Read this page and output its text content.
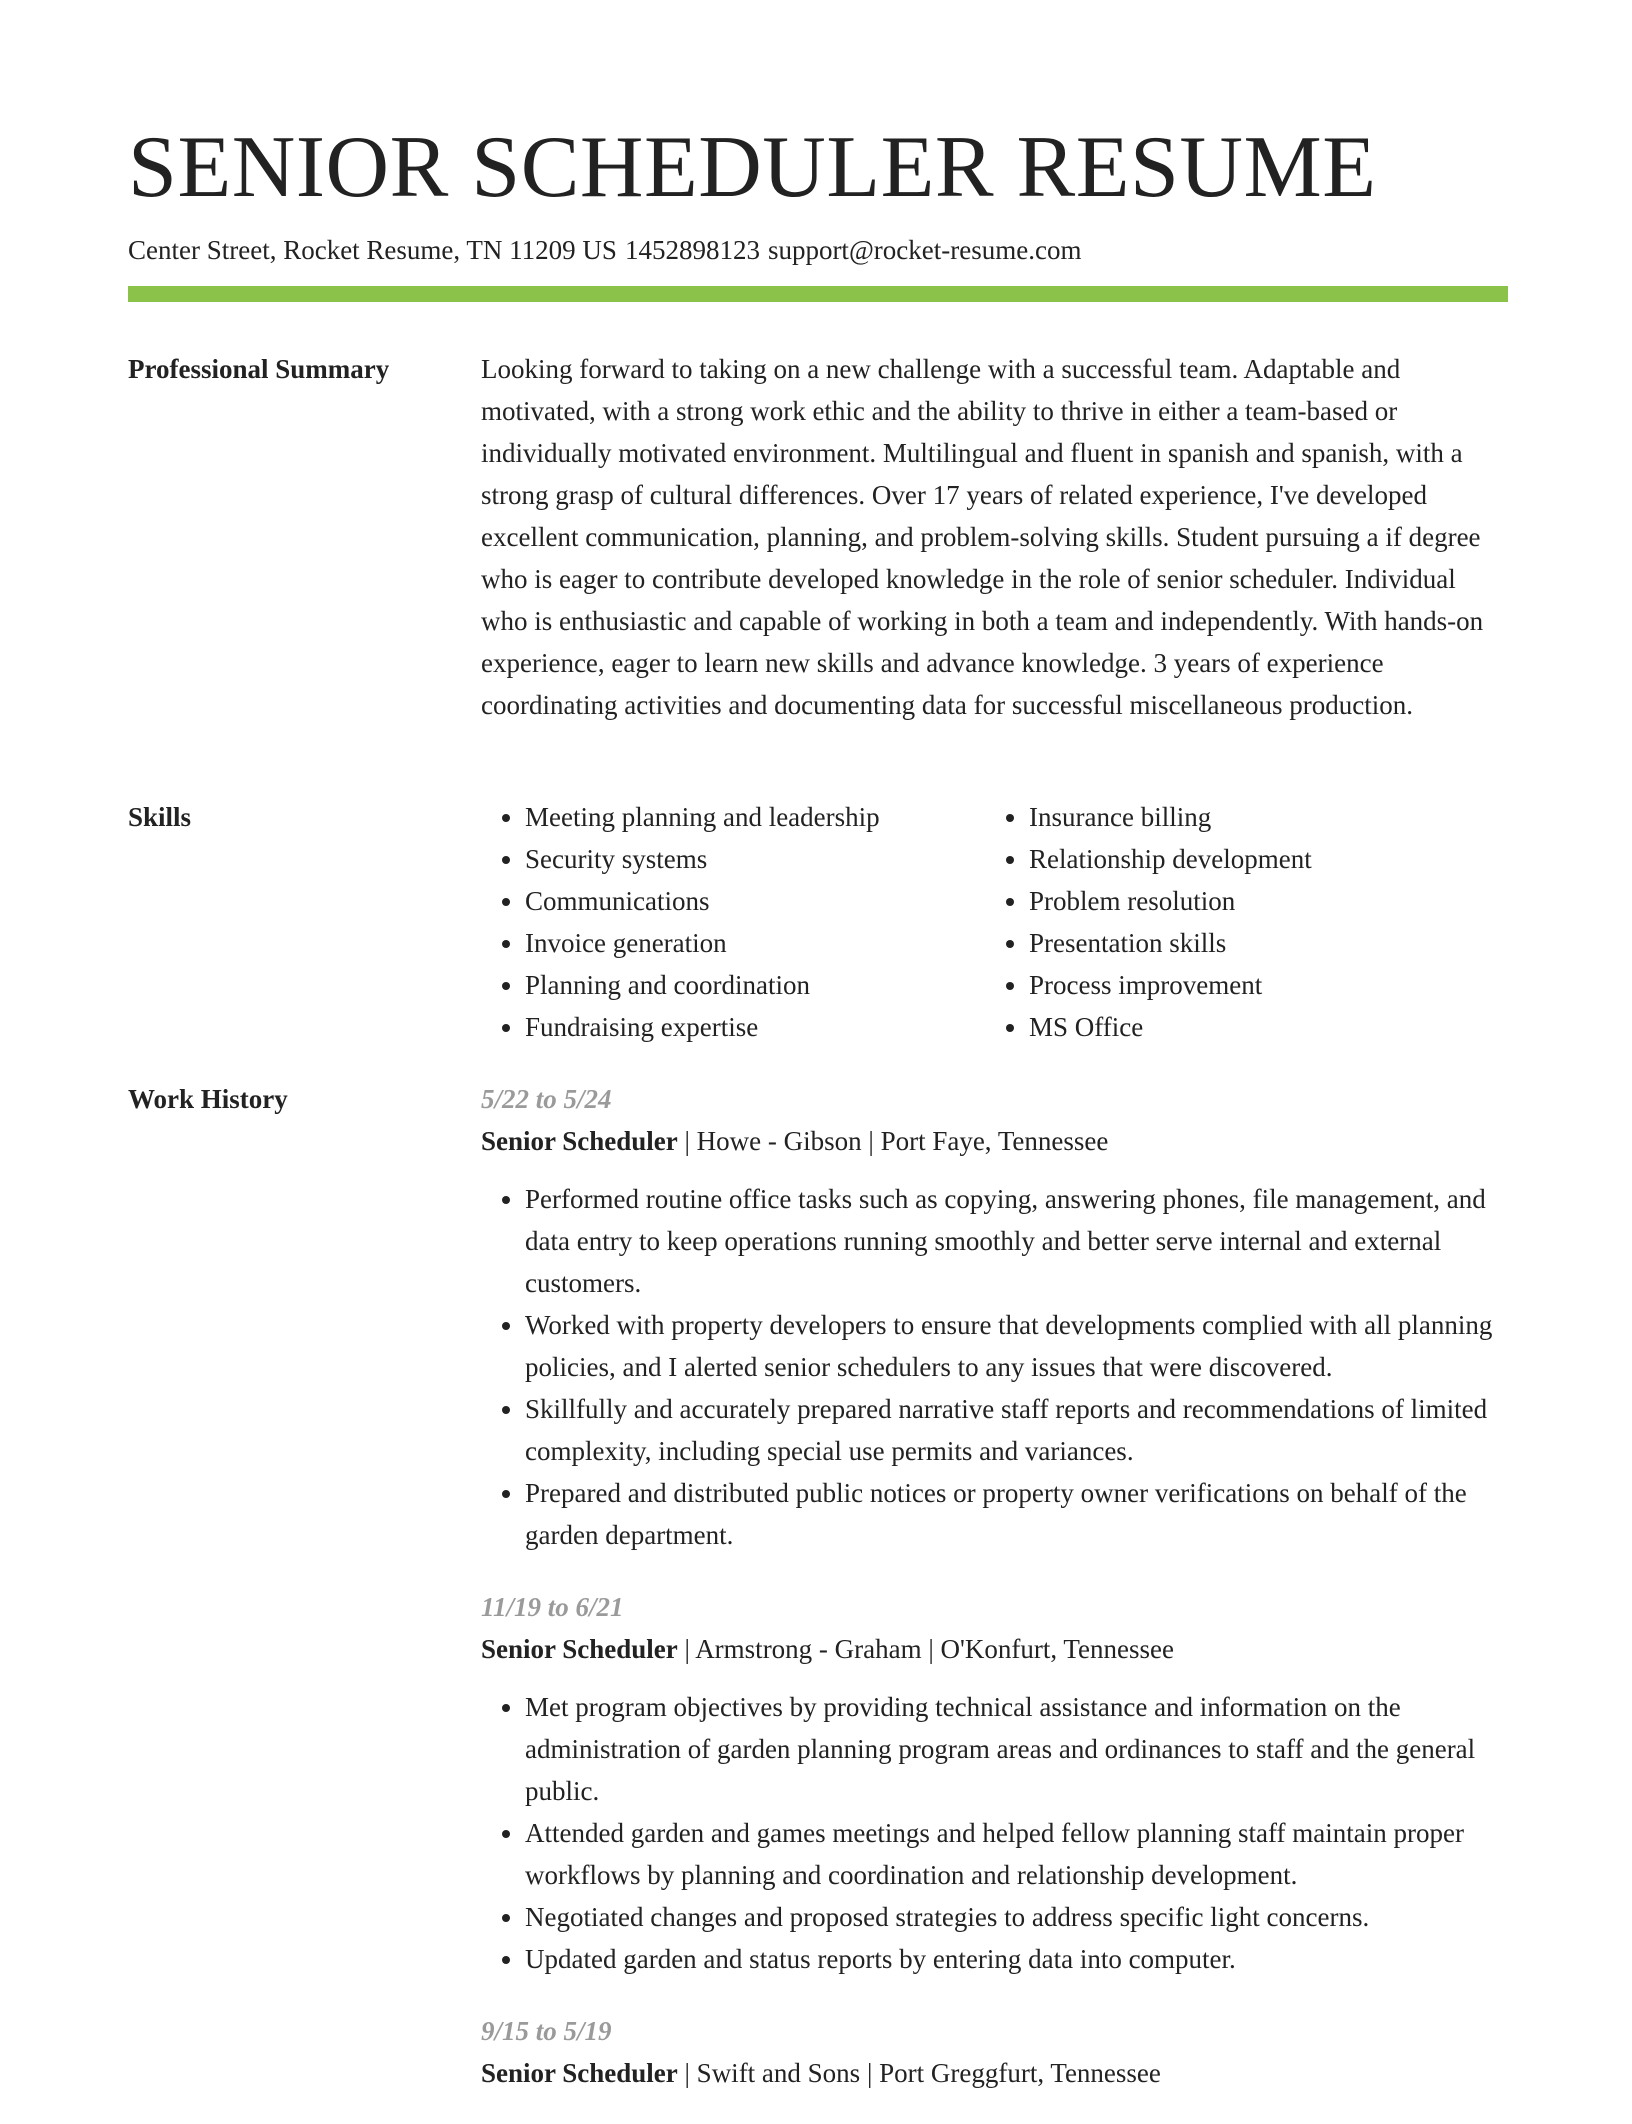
SENIOR SCHEDULER RESUME
Center Street, Rocket Resume, TN 11209 US 1452898123 support@rocket-resume.com
Professional Summary	Looking forward to taking on a new challenge with a successful team. Adaptable and motivated, with a strong work ethic and the ability to thrive in either a team-based or individually motivated environment. Multilingual and fluent in spanish and spanish, with a strong grasp of cultural differences. Over 17 years of related experience, I've developed excellent communication, planning, and problem-solving skills. Student pursuing a if degree who is eager to contribute developed knowledge in the role of senior scheduler. Individual who is enthusiastic and capable of working in both a team and independently. With hands-on experience, eager to learn new skills and advance knowledge. 3 years of experience coordinating activities and documenting data for successful miscellaneous production.

Skills
•	Meeting planning and leadership
• Security systems
• Communications
• Invoice generation
• Planning and coordination
• Fundraising expertise
• Insurance billing
• Relationship development
• Problem resolution
• Presentation skills
• Process improvement
• MS Office
Work History	5/22 to 5/24
Senior Scheduler | Howe - Gibson | Port Faye, Tennessee
• Performed routine office tasks such as copying, answering phones, file management, and data entry to keep operations running smoothly and better serve internal and external customers.
• Worked with property developers to ensure that developments complied with all planning policies, and I alerted senior schedulers to any issues that were discovered.
• Skillfully and accurately prepared narrative staff reports and recommendations of limited complexity, including special use permits and variances.
• Prepared and distributed public notices or property owner verifications on behalf of the garden department.
11/19 to 6/21
Senior Scheduler | Armstrong - Graham | O'Konfurt, Tennessee
• Met program objectives by providing technical assistance and information on the administration of garden planning program areas and ordinances to staff and the general public.
• Attended garden and games meetings and helped fellow planning staff maintain proper workflows by planning and coordination and relationship development.
• Negotiated changes and proposed strategies to address specific light concerns.
• Updated garden and status reports by entering data into computer.
9/15 to 5/19
Senior Scheduler | Swift and Sons | Port Greggfurt, Tennessee
